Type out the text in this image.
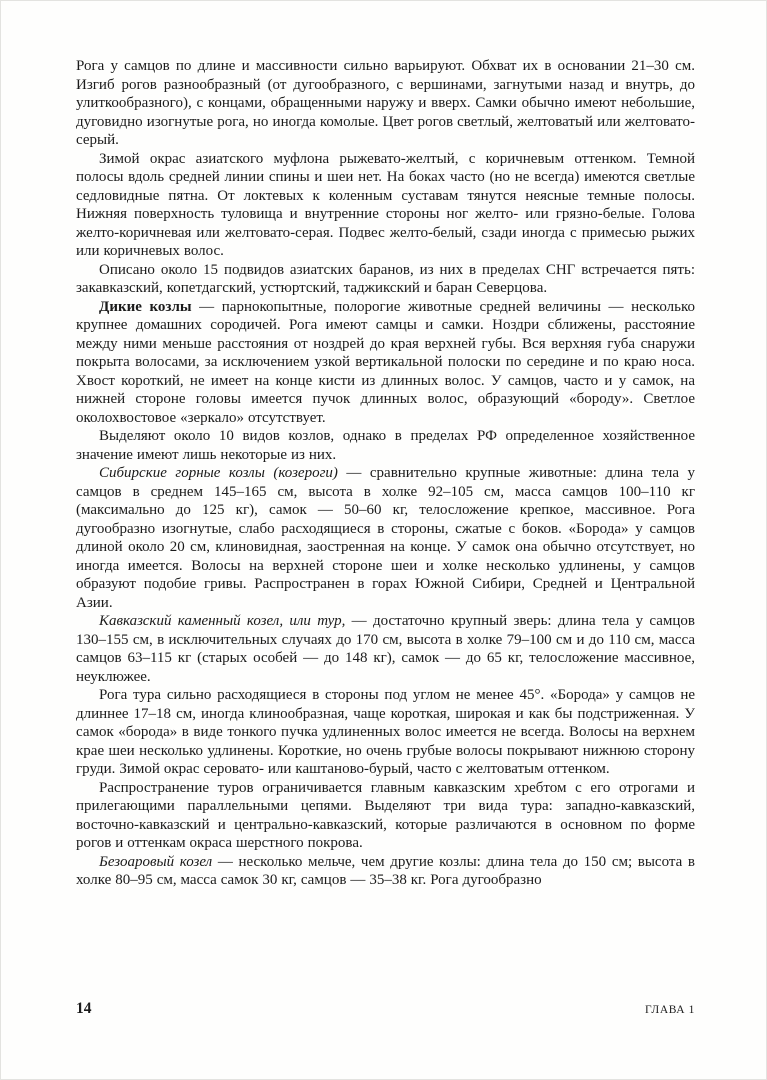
Рога у самцов по длине и массивности сильно варьируют. Обхват их в основании 21–30 см. Изгиб рогов разнообразный (от дугообразного, с вершинами, загнутыми назад и внутрь, до улиткообразного), с концами, обращенными наружу и вверх. Самки обычно имеют небольшие, дуговидно изогнутые рога, но иногда комолые. Цвет рогов светлый, желтоватый или желтовато-серый.

Зимой окрас азиатского муфлона рыжевато-желтый, с коричневым оттенком. Темной полосы вдоль средней линии спины и шеи нет. На боках часто (но не всегда) имеются светлые седловидные пятна. От локтевых к коленным суставам тянутся неясные темные полосы. Нижняя поверхность туловища и внутренние стороны ног желто- или грязно-белые. Голова желто-коричневая или желтовато-серая. Подвес желто-белый, сзади иногда с примесью рыжих или коричневых волос.

Описано около 15 подвидов азиатских баранов, из них в пределах СНГ встречается пять: закавказский, копетдагский, устюртский, таджикский и баран Северцова.

Дикие козлы — парнокопытные, полорогие животные средней величины — несколько крупнее домашних сородичей. Рога имеют самцы и самки. Ноздри сближены, расстояние между ними меньше расстояния от ноздрей до края верхней губы. Вся верхняя губа снаружи покрыта волосами, за исключением узкой вертикальной полоски по середине и по краю носа. Хвост короткий, не имеет на конце кисти из длинных волос. У самцов, часто и у самок, на нижней стороне головы имеется пучок длинных волос, образующий «бороду». Светлое околохвостовое «зеркало» отсутствует.

Выделяют около 10 видов козлов, однако в пределах РФ определенное хозяйственное значение имеют лишь некоторые из них.

Сибирские горные козлы (козероги) — сравнительно крупные животные: длина тела у самцов в среднем 145–165 см, высота в холке 92–105 см, масса самцов 100–110 кг (максимально до 125 кг), самок — 50–60 кг, телосложение крепкое, массивное. Рога дугообразно изогнутые, слабо расходящиеся в стороны, сжатые с боков. «Борода» у самцов длиной около 20 см, клиновидная, заостренная на конце. У самок она обычно отсутствует, но иногда имеется. Волосы на верхней стороне шеи и холке несколько удлинены, у самцов образуют подобие гривы. Распространен в горах Южной Сибири, Средней и Центральной Азии.

Кавказский каменный козел, или тур, — достаточно крупный зверь: длина тела у самцов 130–155 см, в исключительных случаях до 170 см, высота в холке 79–100 см и до 110 см, масса самцов 63–115 кг (старых особей — до 148 кг), самок — до 65 кг, телосложение массивное, неуклюжее.

Рога тура сильно расходящиеся в стороны под углом не менее 45°. «Борода» у самцов не длиннее 17–18 см, иногда клинообразная, чаще короткая, широкая и как бы подстриженная. У самок «борода» в виде тонкого пучка удлиненных волос имеется не всегда. Волосы на верхнем крае шеи несколько удлинены. Короткие, но очень грубые волосы покрывают нижнюю сторону груди. Зимой окрас серовато- или каштаново-бурый, часто с желтоватым оттенком.

Распространение туров ограничивается главным кавказским хребтом с его отрогами и прилегающими параллельными цепями. Выделяют три вида тура: западно-кавказский, восточно-кавказский и центрально-кавказский, которые различаются в основном по форме рогов и оттенкам окраса шерстного покрова.

Безоаровый козел — несколько мельче, чем другие козлы: длина тела до 150 см; высота в холке 80–95 см, масса самок 30 кг, самцов — 35–38 кг. Рога дугообразно

14	ГЛАВА 1
